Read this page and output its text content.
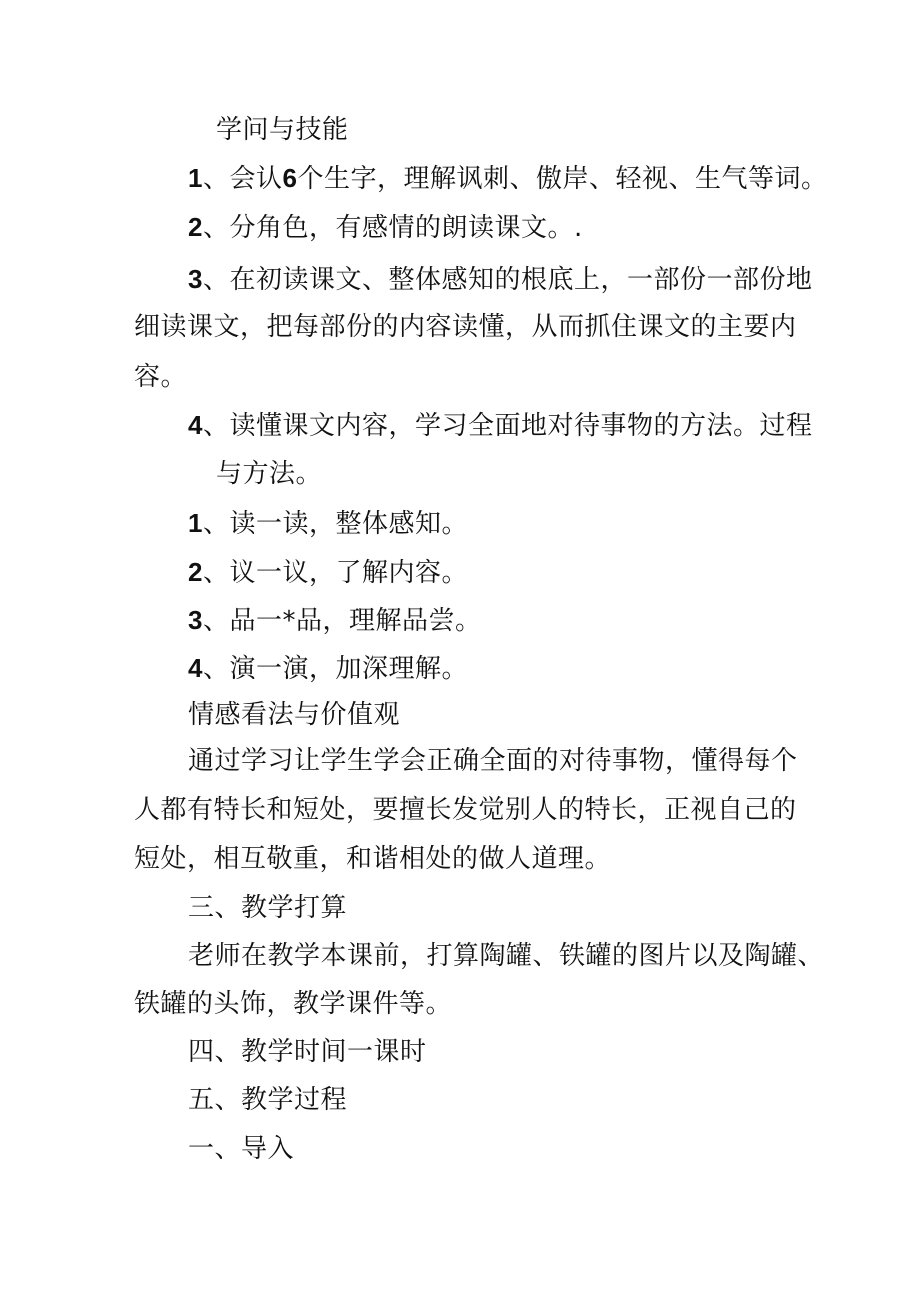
学问与技能
1、会认6个生字，理解讽刺、傲岸、轻视、生气等词。
2、分角色，有感情的朗读课文。.
3、在初读课文、整体感知的根底上，一部份一部份地
细读课文，把每部份的内容读懂，从而抓住课文的主要内
容。
4、读懂课文内容，学习全面地对待事物的方法。过程
与方法。
1、读一读，整体感知。
2、议一议，了解内容。
3、品一*品，理解品尝。
4、演一演，加深理解。
情感看法与价值观
通过学习让学生学会正确全面的对待事物，懂得每个
人都有特长和短处，要擅长发觉别人的特长，正视自己的
短处，相互敬重，和谐相处的做人道理。
三、教学打算
老师在教学本课前，打算陶罐、铁罐的图片以及陶罐、
铁罐的头饰，教学课件等。
四、教学时间一课时
五、教学过程
一、导入
